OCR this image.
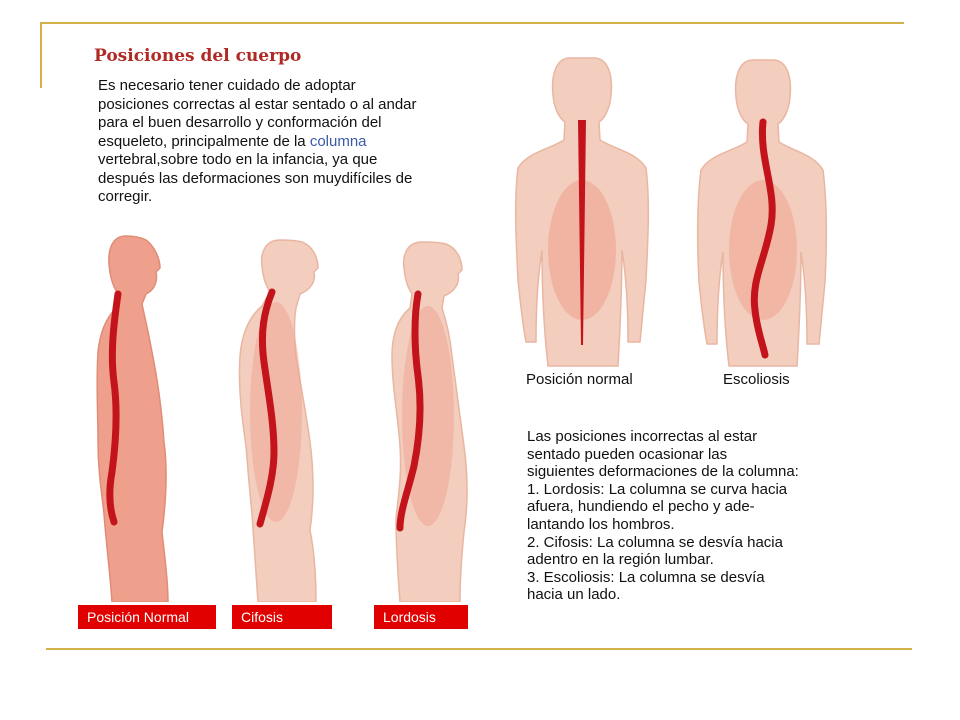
Posiciones del cuerpo

Es necesario tener cuidado de adoptar posiciones correctas al estar sentado o al andar para el buen desarrollo y conformación del esqueleto, principalmente de la columna vertebral,sobre todo en la infancia, ya que después las deformaciones son muydifíciles de corregir.

Posición normal	Escoliosis
Posición Normal	Cifosis	Lordosis

Las posiciones incorrectas al estar
sentado pueden ocasionar las
siguientes deformaciones de la columna:
1. Lordosis: La columna se curva hacia
afuera, hundiendo el pecho y ade-
lantando los hombros.
2. Cifosis: La columna se desvía hacia
adentro en la región lumbar.
3. Escoliosis: La columna se desvía
hacia un lado.
